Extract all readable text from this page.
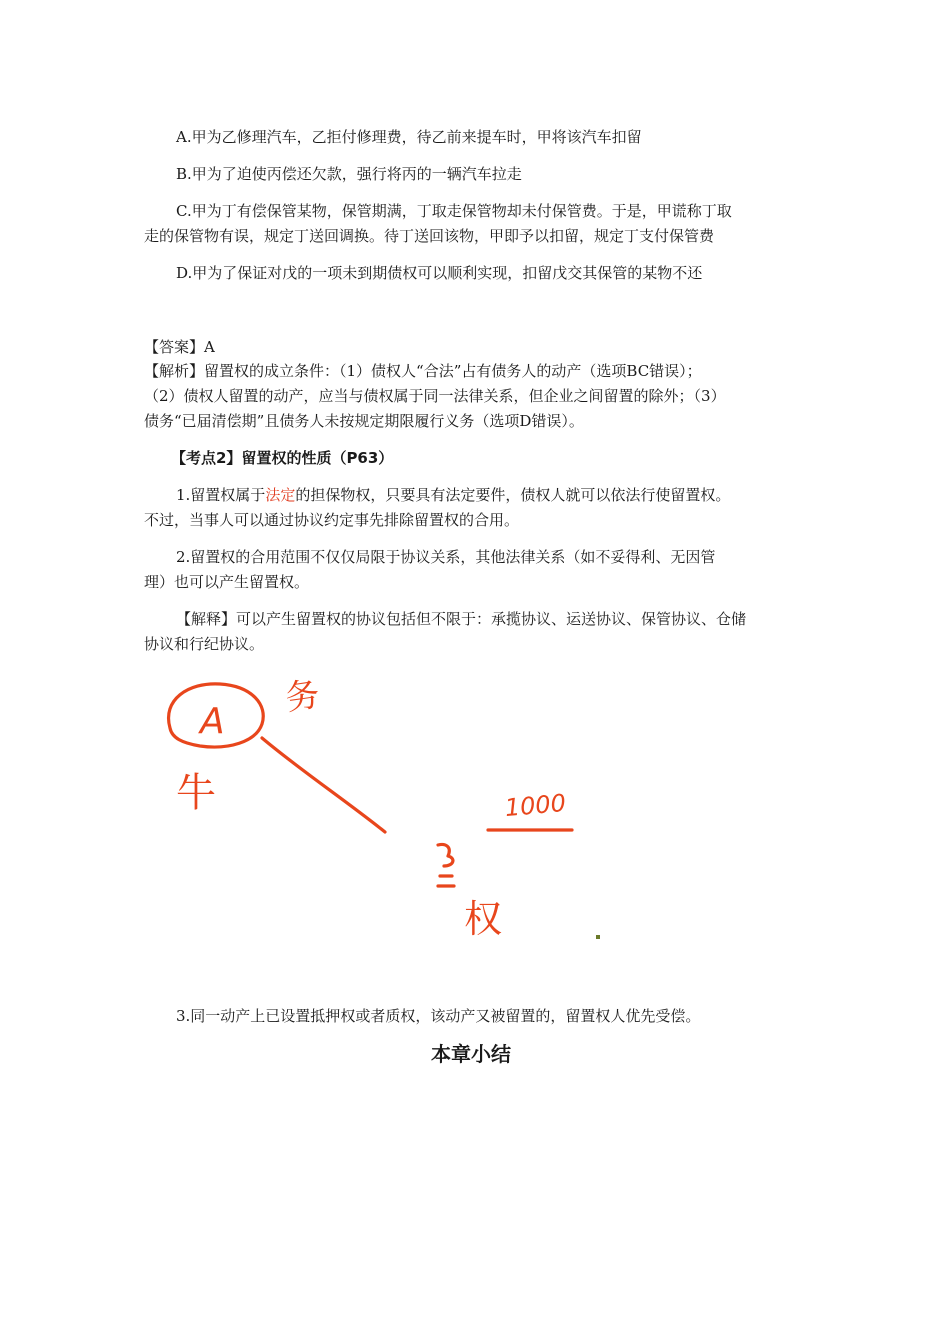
A.甲为乙修理汽车，乙拒付修理费，待乙前来提车时，甲将该汽车扣留
B.甲为了迫使丙偿还欠款，强行将丙的一辆汽车拉走
C.甲为丁有偿保管某物，保管期满，丁取走保管物却未付保管费。于是，甲谎称丁取
走的保管物有误，规定丁送回调换。待丁送回该物，甲即予以扣留，规定丁支付保管费
D.甲为了保证对戊的一项未到期债权可以顺利实现，扣留戊交其保管的某物不还
【答案】A
【解析】留置权的成立条件：（1）债权人“合法”占有债务人的动产（选项BC错误）；
（2）债权人留置的动产，应当与债权属于同一法律关系，但企业之间留置的除外；（3）
债务“已届清偿期”且债务人未按规定期限履行义务（选项D错误）。
【考点2】留置权的性质（P63）
1.留置权属于法定的担保物权，只要具有法定要件，债权人就可以依法行使留置权。
不过，当事人可以通过协议约定事先排除留置权的合用。
2.留置权的合用范围不仅仅局限于协议关系，其他法律关系（如不妥得利、无因管
理）也可以产生留置权。
【解释】可以产生留置权的协议包括但不限于：承揽协议、运送协议、保管协议、仓储
协议和行纪协议。
A
务
牛	1000
权
3.同一动产上已设置抵押权或者质权，该动产又被留置的，留置权人优先受偿。
本章小结
